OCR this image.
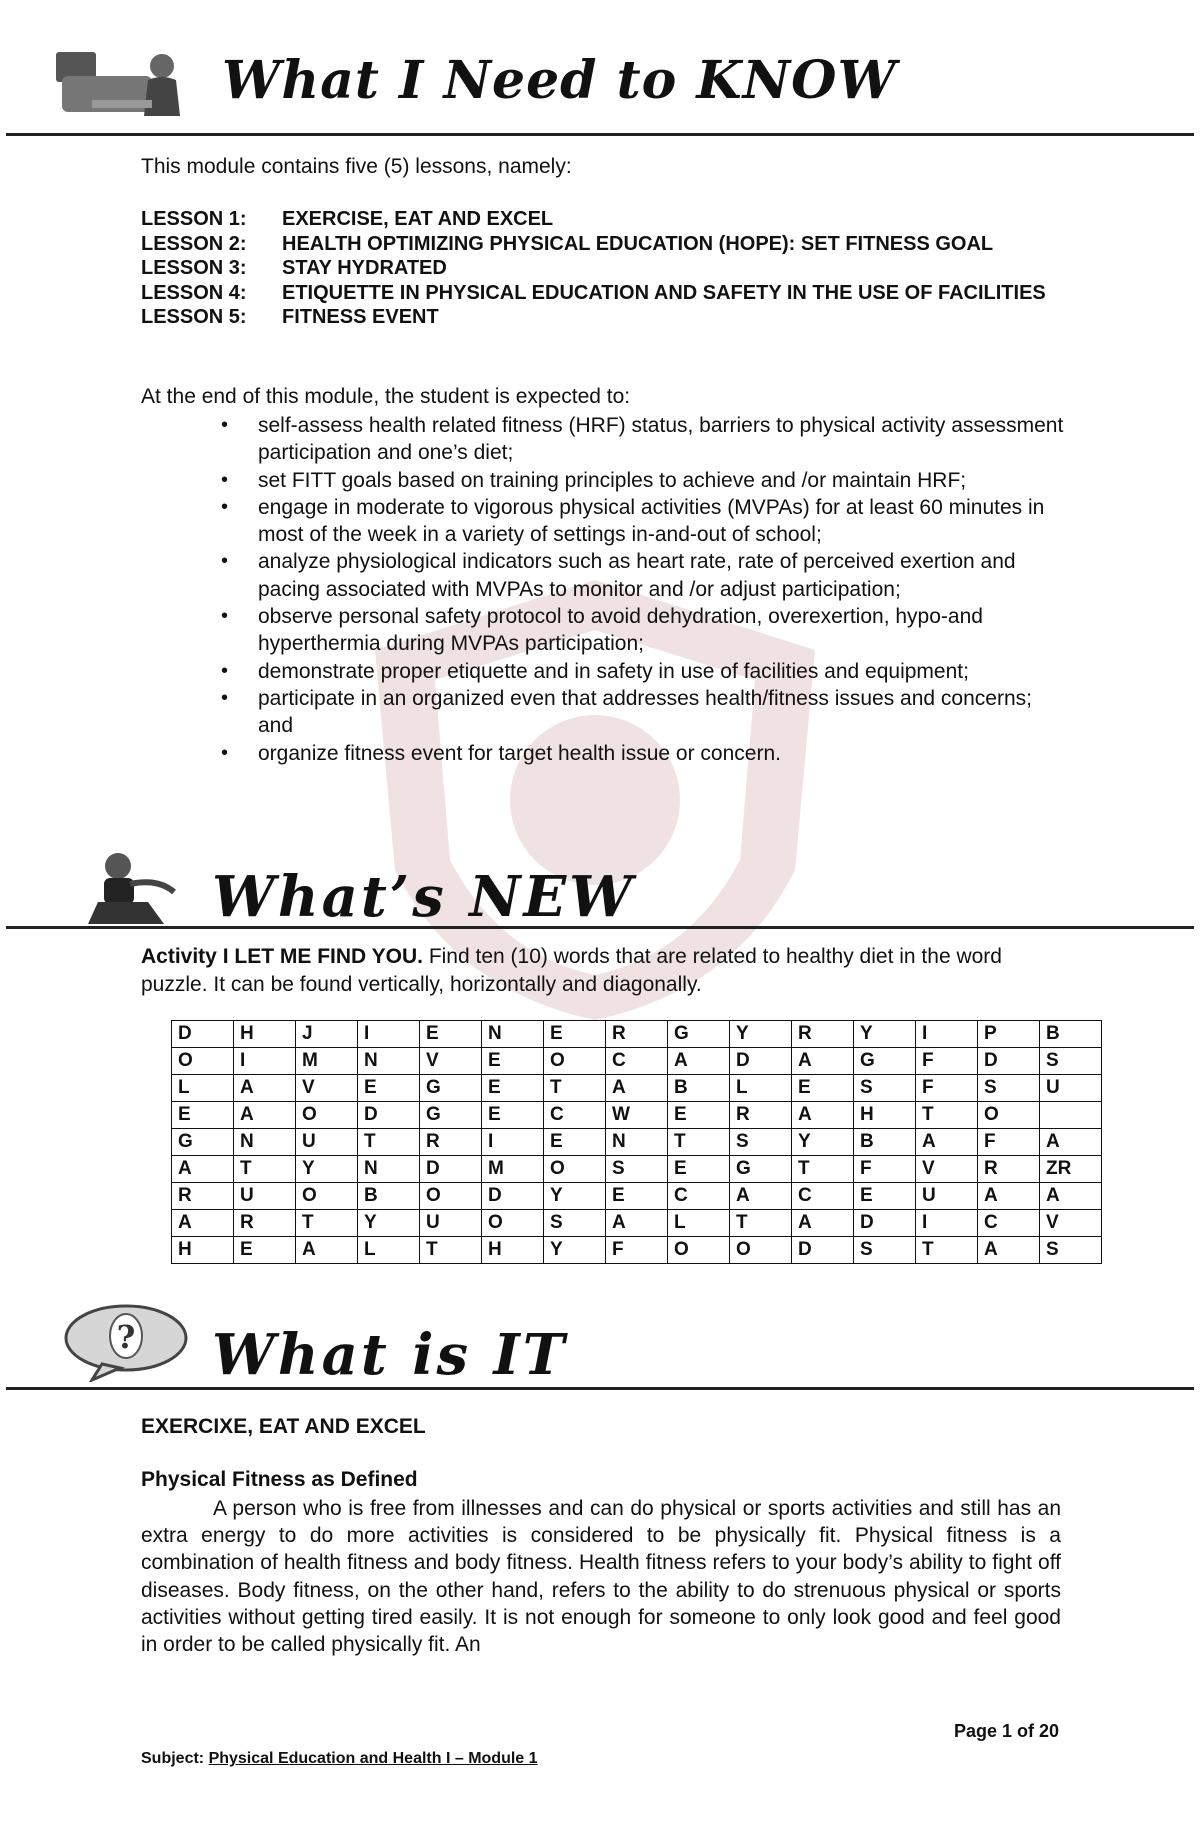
What I Need to KNOW
This module contains five (5) lessons, namely:
LESSON 1:	EXERCISE, EAT AND EXCEL
LESSON 2:	HEALTH OPTIMIZING PHYSICAL EDUCATION (HOPE): SET FITNESS GOAL
LESSON 3:	STAY HYDRATED
LESSON 4:	ETIQUETTE IN PHYSICAL EDUCATION AND SAFETY IN THE USE OF FACILITIES
LESSON 5:	FITNESS EVENT
At the end of this module, the student is expected to:
• self-assess health related fitness (HRF) status, barriers to physical activity assessment participation and one’s diet;
• set FITT goals based on training principles to achieve and /or maintain HRF;
• engage in moderate to vigorous physical activities (MVPAs) for at least 60 minutes in most of the week in a variety of settings in-and-out of school;
• analyze physiological indicators such as heart rate, rate of perceived exertion and pacing associated with MVPAs to monitor and /or adjust participation;
• observe personal safety protocol to avoid dehydration, overexertion, hypo-and hyperthermia during MVPAs participation;
• demonstrate proper etiquette and in safety in use of facilities and equipment;
• participate in an organized even that addresses health/fitness issues and concerns; and
• organize fitness event for target health issue or concern.
What’s NEW
Activity I LET ME FIND YOU. Find ten (10) words that are related to healthy diet in the word puzzle. It can be found vertically, horizontally and diagonally.
D	H	J	I	E	N	E	R	G	Y	R	Y	I	P	B
O	I	M	N	V	E	O	C	A	D	A	G	F	D	S
L	A	V	E	G	E	T	A	B	L	E	S	F	S	U
E	A	O	D	G	E	C	W	E	R	A	H	T	O	
G	N	U	T	R	I	E	N	T	S	Y	B	A	F	A
A	T	Y	N	D	M	O	S	E	G	T	F	V	R	ZR
R	U	O	B	O	D	Y	E	C	A	C	E	U	A	A
A	R	T	Y	U	O	S	A	L	T	A	D	I	C	V
H	E	A	L	T	H	Y	F	O	O	D	S	T	A	S
? What is IT
EXERCIXE, EAT AND EXCEL
Physical Fitness as Defined
A person who is free from illnesses and can do physical or sports activities and still has an extra energy to do more activities is considered to be physically fit. Physical fitness is a combination of health fitness and body fitness. Health fitness refers to your body’s ability to fight off diseases. Body fitness, on the other hand, refers to the ability to do strenuous physical or sports activities without getting tired easily. It is not enough for someone to only look good and feel good in order to be called physically fit. An
Page 1 of 20
Subject: Physical Education and Health I – Module 1
